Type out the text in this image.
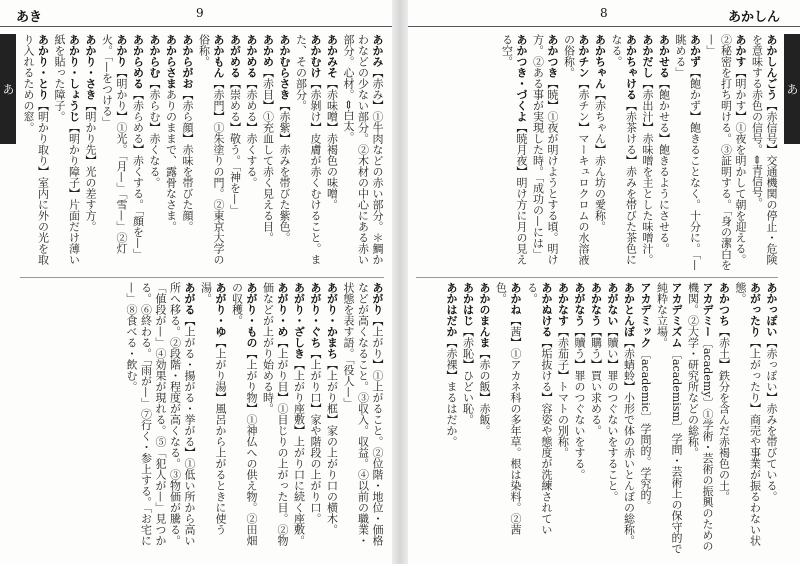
あき	9
あ
あかみ【赤み】①牛肉などの赤い部分。＊鯛かわなどの少ない部分。②木材の中心にある赤い部分。心材。⇔白太。
あかみそ【赤味噌】赤褐色の味噌。
あかむけ【赤剝け】皮膚が赤くむけること。また、その部分。
あかむらさき【赤紫】赤みを帯びた紫色。
あかめ【赤目】①充血して赤く見える目。
あかめる【赤める】赤くする。
あがめる【崇める】敬う。「神を—」
あかもん【赤門】①朱塗りの門。②東京大学の俗称。
あからがお【赤ら顔】赤味を帯びた顔。
あからさまありのままで、露骨なさま。
あからむ【赤らむ】赤くなる。
あからめる【赤らめる】赤くする。「顔を—」
あかり【明かり】①光。「月—」「雪—」②灯火。「—をつける」
あかり・さき【明かり先】光の差す方。
あかり・しょうじ【明かり障子】片面だけ薄い紙を貼った障子。
あかり・とり【明かり取り】室内に外の光を取り入れるための窓。
あがり【上がり】①上がること。②位階・地位・価格などが高くなること。③収入。収益。④以前の職業・状態を表す語。「役人—」
あがり・かまち【上がり框】家の上がり口の横木。
あがり・ぐち【上がり口】家や階段の上がり口。
あがり・ざしき【上がり座敷】上がり口に続く座敷。
あがり・め【上がり目】①目じりの上がった目。②物価などが上がり始める時。
あがり・もの【上がり物】①神仏への供え物。②田畑の収穫。
あがり・ゆ【上がり湯】風呂から上がるときに使う湯。
あがる【上がる・揚がる・挙がる】①低い所から高い所へ移る。②段階・程度が高くなる。③物価が騰る。「値段が—」④効果が現れる。⑤「犯人が—」見つかる。⑥終わる。「雨が—」⑦行く・参上する。「お宅に—」⑧食べる・飲む。
あかしん
8
あ
あかしんごう【赤信号】交通機関の停止・危険を意味する赤色の信号。⇔青信号。
あかす【明かす】①夜を明かして朝を迎える。②秘密を打ち明ける。③証明する。「身の潔白を—」
あかず【飽かず】飽きることなく。十分に。「—眺める」
あかせる【飽かせる】飽きるようにさせる。
あかだし【赤出汁】赤味噌を主とした味噌汁。
あかちゃける【赤茶ける】赤みを帯びた茶色になる。
あかちゃん【赤ちゃん】赤ん坊の愛称。
あかチン【赤チン】マーキュロクロムの水溶液の俗称。
あかつき【暁】①夜が明けようとする頃。明け方。②ある事が実現した時。「成功の—には」
あかつき・づくよ【暁月夜】明け方に月の見える空。
あかっぽい【赤っぽい】赤みを帯びている。
あがったり【上がったり】商売や事業が振るわない状態。
あかつち【赤土】鉄分を含んだ赤褐色の土。
アカデミー〔academy〕①学術・芸術の振興のための機関。②大学・研究所などの総称。
アカデミズム〔academism〕学問・芸術上の保守的で純粋な立場。
アカデミック〔academic〕学問的。学究的。
あかとんぼ【赤蜻蛉】小形で体の赤いとんぼの総称。
あがない【贖い】罪のつぐないをすること。
あかなう【購う】買い求める。
あがなう【贖う】罪のつぐないをする。
あかなす【赤茄子】トマトの別称。
あかぬける【垢抜ける】容姿や態度が洗練されている。
あかね【茜】①アカネ科の多年草。根は染料。②茜色。
あかのまんま【赤の飯】赤飯。
あかはじ【赤恥】ひどい恥。
あかはだか【赤裸】まるはだか。
